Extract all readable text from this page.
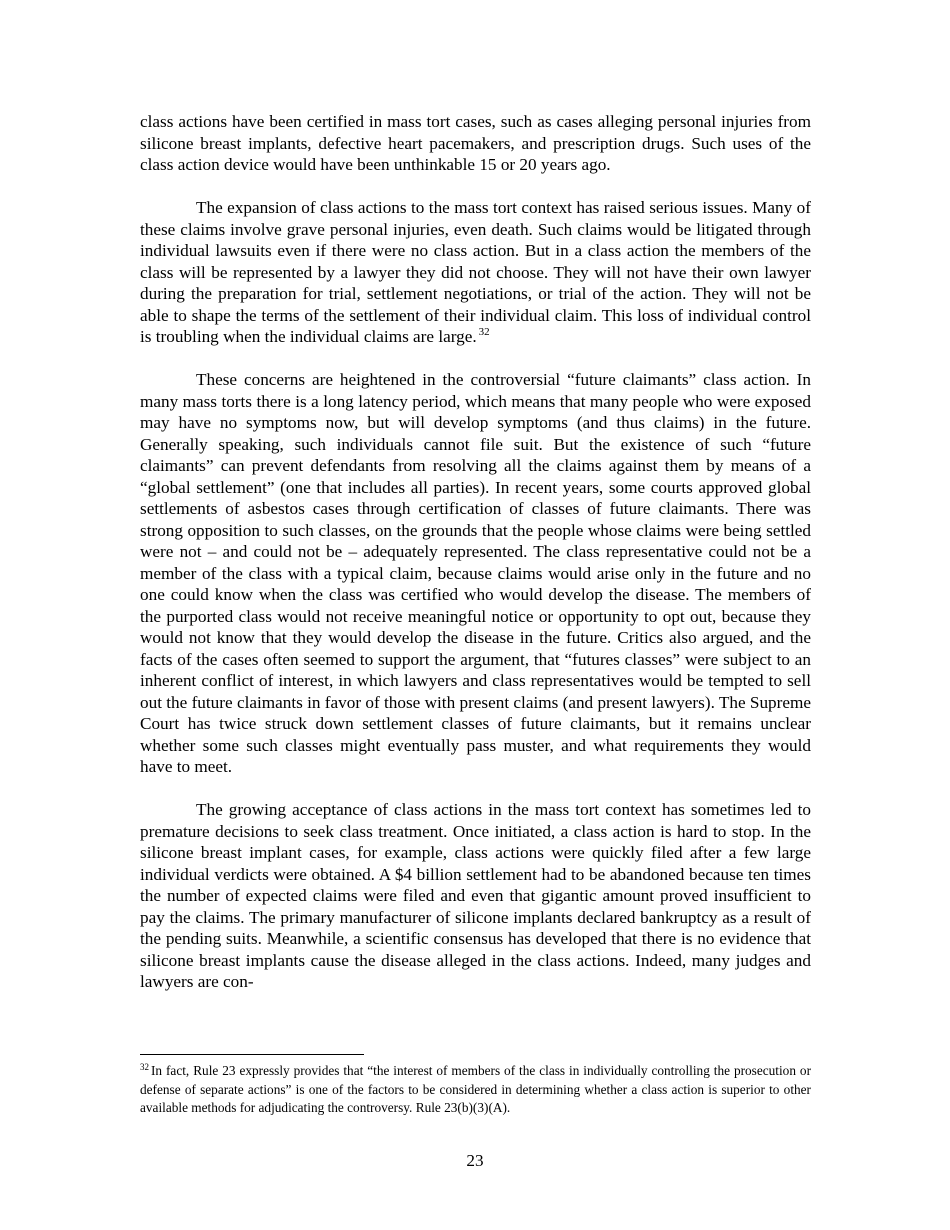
class actions have been certified in mass tort cases, such as cases alleging personal injuries from silicone breast implants, defective heart pacemakers, and prescription drugs. Such uses of the class action device would have been unthinkable 15 or 20 years ago.

The expansion of class actions to the mass tort context has raised serious issues. Many of these claims involve grave personal injuries, even death. Such claims would be litigated through individual lawsuits even if there were no class action. But in a class action the members of the class will be represented by a lawyer they did not choose. They will not have their own lawyer during the preparation for trial, settlement negotiations, or trial of the action. They will not be able to shape the terms of the settlement of their individual claim. This loss of individual control is troubling when the individual claims are large. $^{32}$

These concerns are heightened in the controversial “future claimants” class action. In many mass torts there is a long latency period, which means that many people who were exposed may have no symptoms now, but will develop symptoms (and thus claims) in the future. Generally speaking, such individuals cannot file suit. But the existence of such “future claimants” can prevent defendants from resolving all the claims against them by means of a “global settlement” (one that includes all parties). In recent years, some courts approved global settlements of asbestos cases through certification of classes of future claimants. There was strong opposition to such classes, on the grounds that the people whose claims were being settled were not – and could not be – adequately represented. The class representative could not be a member of the class with a typical claim, because claims would arise only in the future and no one could know when the class was certified who would develop the disease. The members of the purported class would not receive meaningful notice or opportunity to opt out, because they would not know that they would develop the disease in the future. Critics also argued, and the facts of the cases often seemed to support the argument, that “futures classes” were subject to an inherent conflict of interest, in which lawyers and class representatives would be tempted to sell out the future claimants in favor of those with present claims (and present lawyers). The Supreme Court has twice struck down settlement classes of future claimants, but it remains unclear whether some such classes might eventually pass muster, and what requirements they would have to meet.

The growing acceptance of class actions in the mass tort context has sometimes led to premature decisions to seek class treatment. Once initiated, a class action is hard to stop. In the silicone breast implant cases, for example, class actions were quickly filed after a few large individual verdicts were obtained. A $4 billion settlement had to be abandoned because ten times the number of expected claims were filed and even that gigantic amount proved insufficient to pay the claims. The primary manufacturer of silicone implants declared bankruptcy as a result of the pending suits. Meanwhile, a scientific consensus has developed that there is no evidence that silicone breast implants cause the disease alleged in the class actions. Indeed, many judges and lawyers are con-

$^{32}$ In fact, Rule 23 expressly provides that “the interest of members of the class in individually controlling the prosecution or defense of separate actions” is one of the factors to be considered in determining whether a class action is superior to other available methods for adjudicating the controversy. Rule 23(b)(3)(A).
23
